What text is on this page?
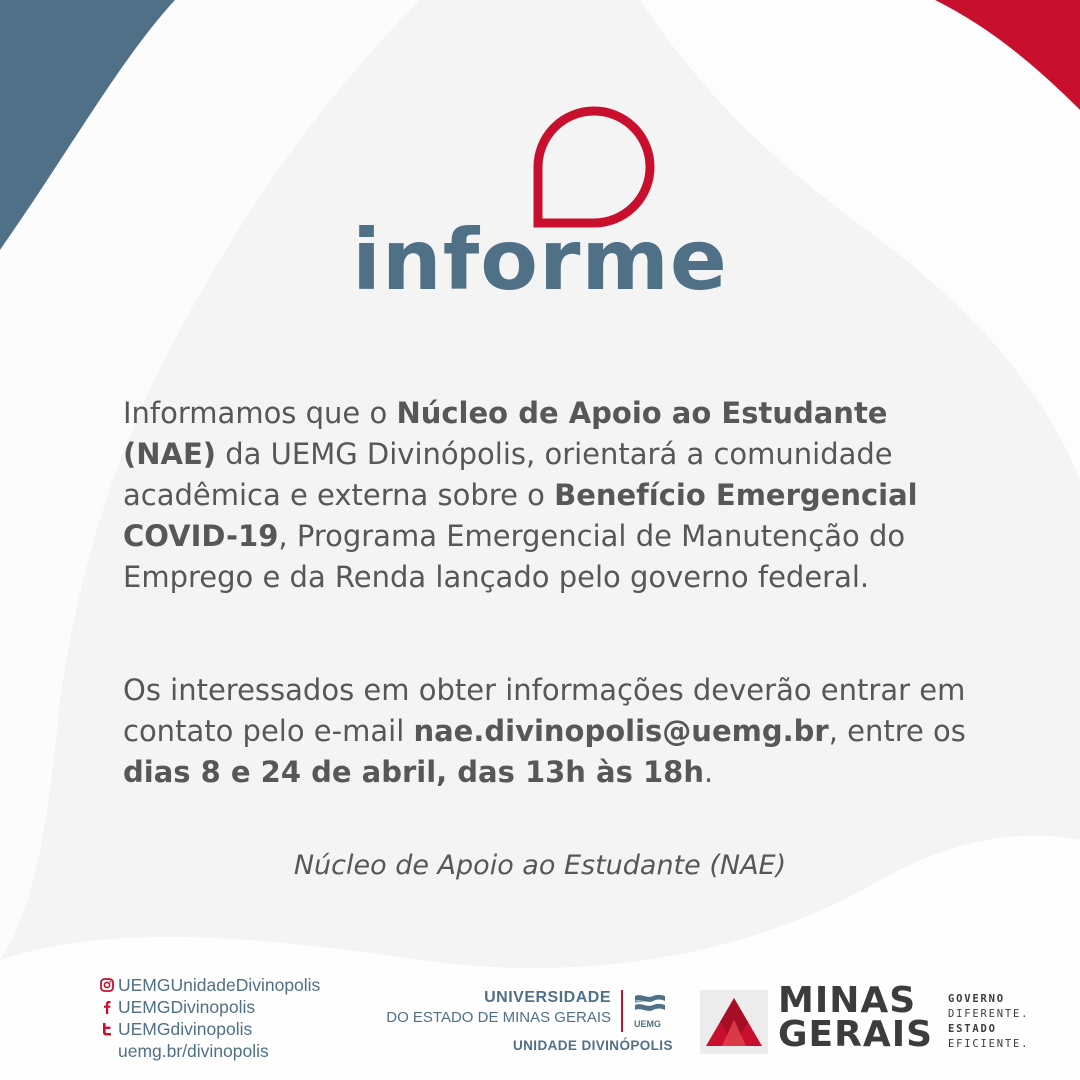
informe
Informamos que o Núcleo de Apoio ao Estudante (NAE) da UEMG Divinópolis, orientará a comunidade acadêmica e externa sobre o Benefício Emergencial COVID-19, Programa Emergencial de Manutenção do Emprego e da Renda lançado pelo governo federal.
Os interessados em obter informações deverão entrar em contato pelo e-mail nae.divinopolis@uemg.br, entre os dias 8 e 24 de abril, das 13h às 18h.
Núcleo de Apoio ao Estudante (NAE)
UEMGUnidadeDivinopolis
UEMGDivinopolis
UEMGdivinopolis
uemg.br/divinopolis
UNIVERSIDADE
DO ESTADO DE MINAS GERAIS	UEMG
UNIDADE DIVINÓPOLIS
MINAS
GERAIS
GOVERNO
DIFERENTE.
ESTADO
EFICIENTE.
